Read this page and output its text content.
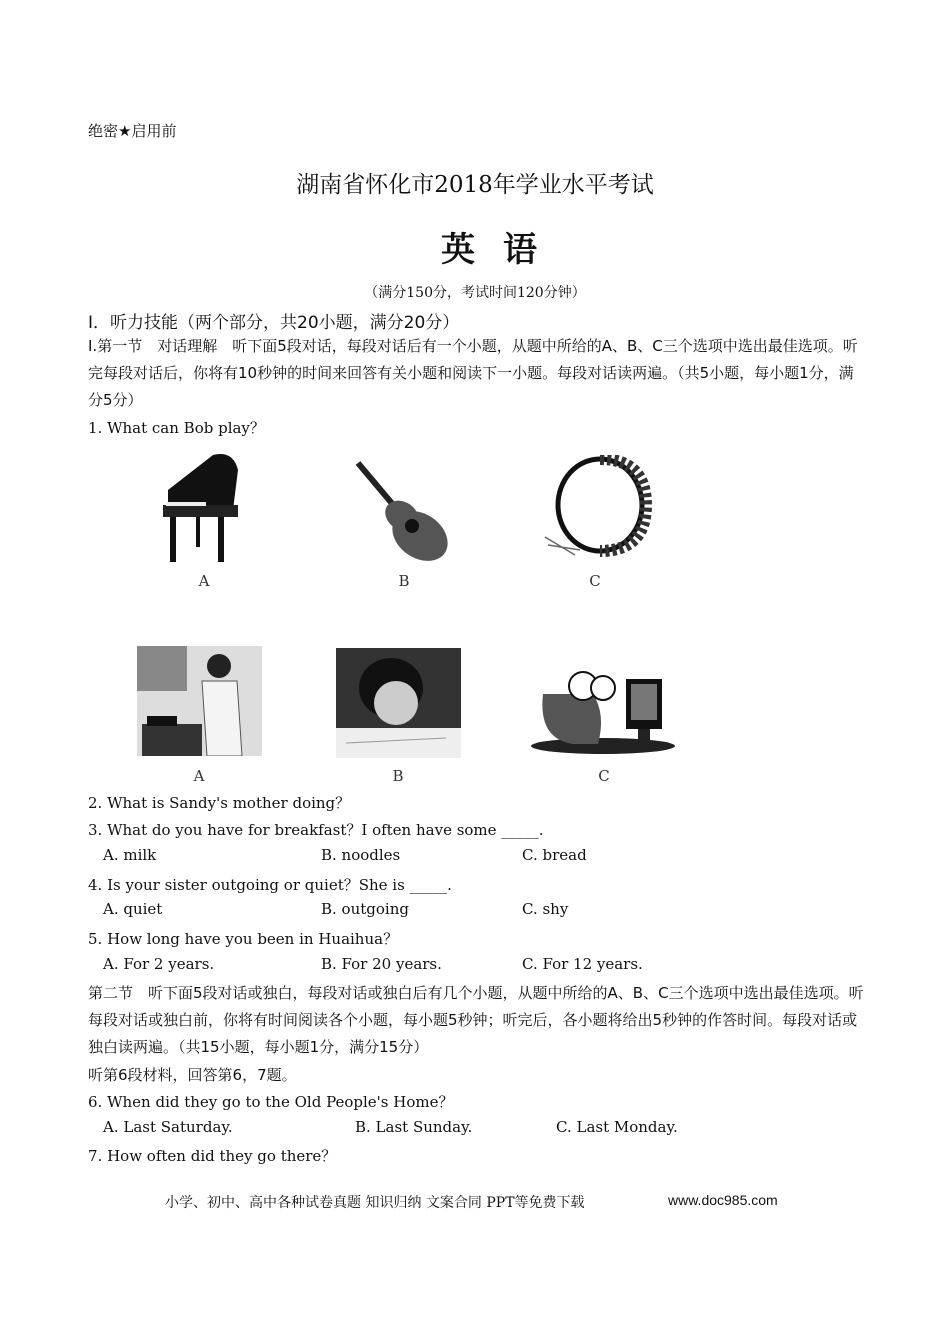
绝密★启用前
湖南省怀化市2018年学业水平考试
英语
（满分150分，考试时间120分钟）
Ⅰ．听力技能（两个部分，共20小题，满分20分）
Ⅰ.第一节　对话理解　听下面5段对话，每段对话后有一个小题，从题中所给的A、B、C三个选项中选出最佳选项。听完每段对话后，你将有10秒钟的时间来回答有关小题和阅读下一小题。每段对话读两遍。（共5小题，每小题1分，满分5分）
1. What can Bob play？
A	B	C
A	B	C
2. What is Sandy's mother doing？
3. What do you have for breakfast？I often have some _____.
A. milk	B. noodles	C. bread
4. Is your sister outgoing or quiet？She is _____.
A. quiet	B. outgoing	C. shy
5. How long have you been in Huaihua？
A. For 2 years.	B. For 20 years.	C. For 12 years.
第二节　听下面5段对话或独白，每段对话或独白后有几个小题，从题中所给的A、B、C三个选项中选出最佳选项。听每段对话或独白前，你将有时间阅读各个小题，每小题5秒钟；听完后，各小题将给出5秒钟的作答时间。每段对话或独白读两遍。（共15小题，每小题1分，满分15分）
听第6段材料，回答第6，7题。
6. When did they go to the Old People's Home？
A. Last Saturday.	B. Last Sunday.	C. Last Monday.
7. How often did they go there？
小学、初中、高中各种试卷真题 知识归纳 文案合同 PPT等免费下载	www.doc985.com
